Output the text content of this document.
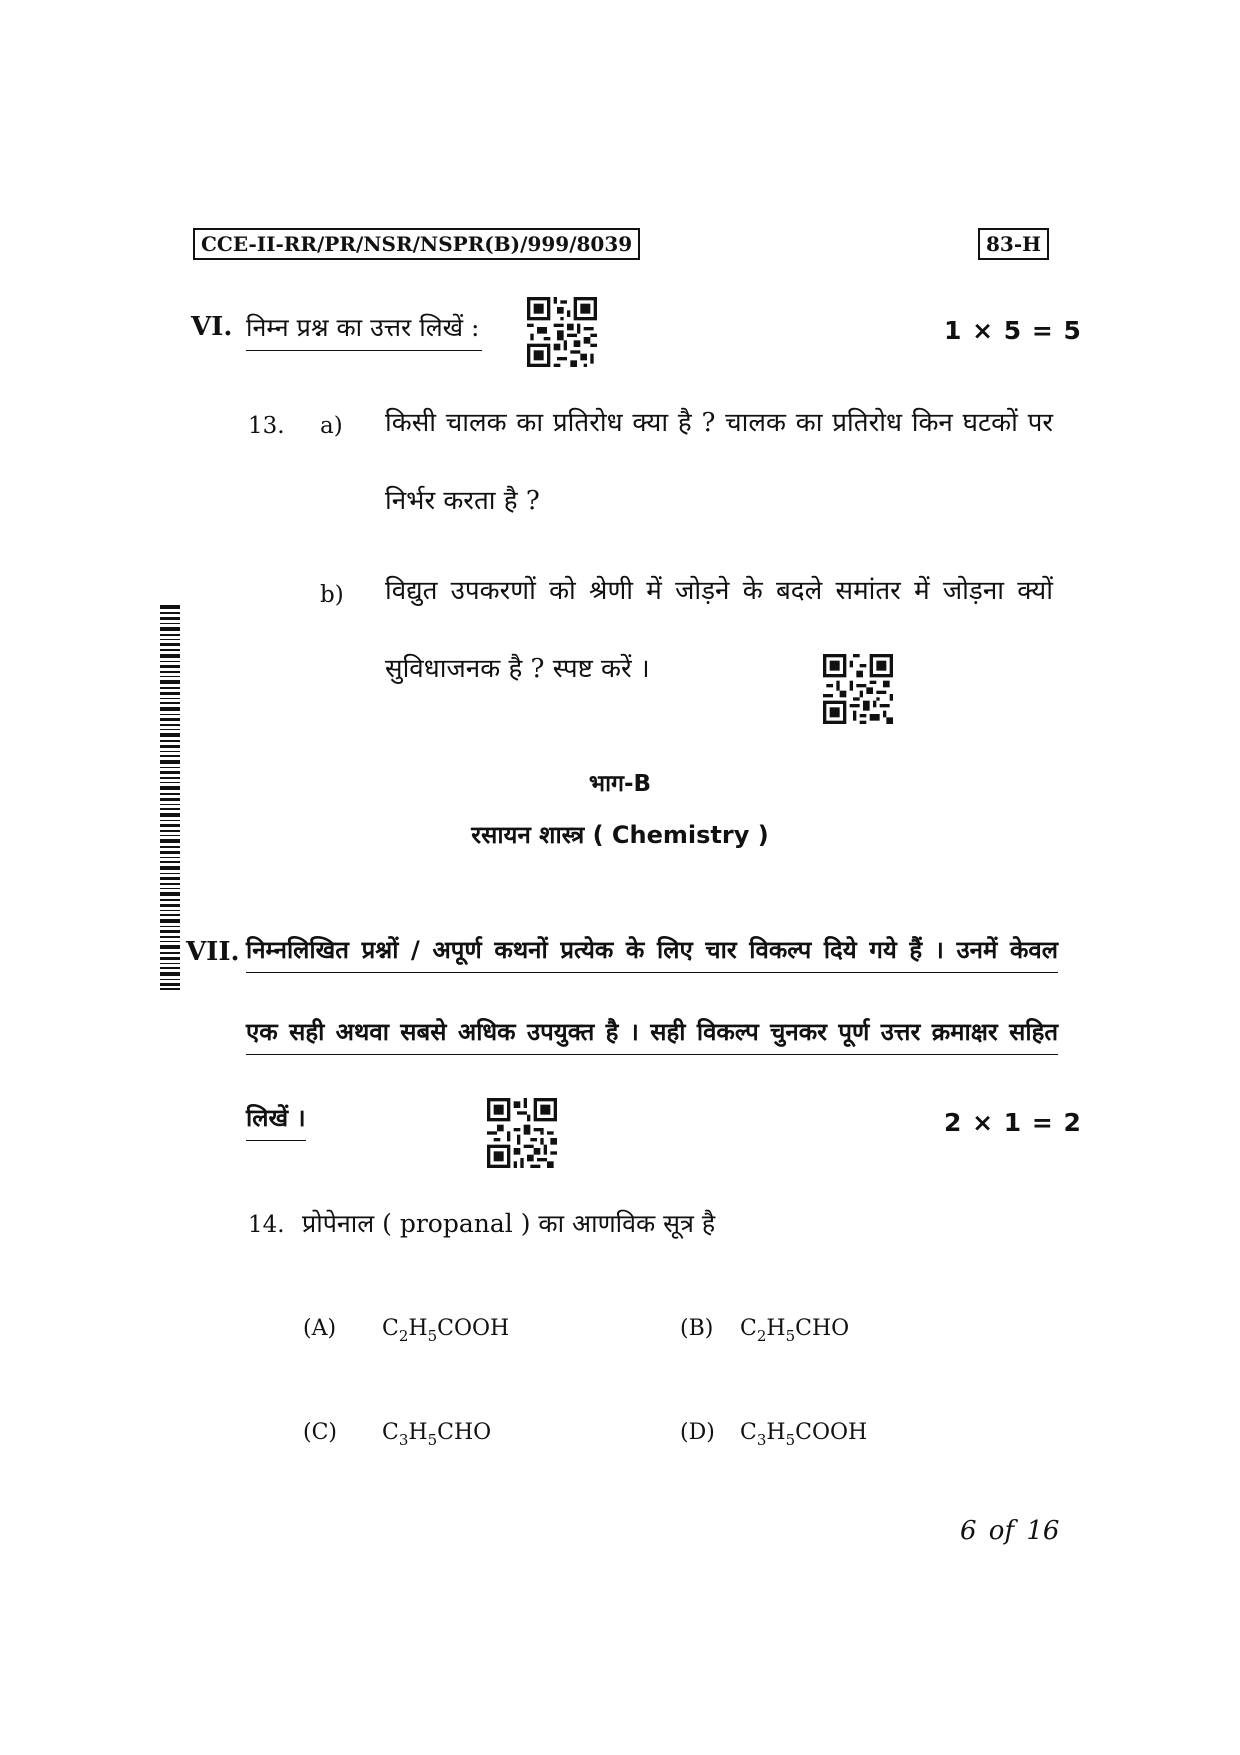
CCE-II-RR/PR/NSR/NSPR(B)/999/8039	83-H
VI. निम्न प्रश्न का उत्तर लिखें :	1 × 5 = 5
13. a) किसी चालक का प्रतिरोध क्या है ? चालक का प्रतिरोध किन घटकों पर
निर्भर करता है ?
b) विद्युत उपकरणों को श्रेणी में जोड़ने के बदले समांतर में जोड़ना क्यों
सुविधाजनक है ? स्पष्ट करें ।
भाग-B
रसायन शास्त्र ( Chemistry )
VII. निम्नलिखित प्रश्नों / अपूर्ण कथनों प्रत्येक के लिए चार विकल्प दिये गये हैं । उनमें केवल
एक सही अथवा सबसे अधिक उपयुक्त है । सही विकल्प चुनकर पूर्ण उत्तर क्रमाक्षर सहित
लिखें ।	2 × 1 = 2
14. प्रोपेनाल ( propanal ) का आणविक सूत्र है
(A) $C_2H_5COOH$	(B) $C_2H_5CHO$
(C) $C_3H_5CHO$	(D) $C_3H_5COOH$
6 of 16
